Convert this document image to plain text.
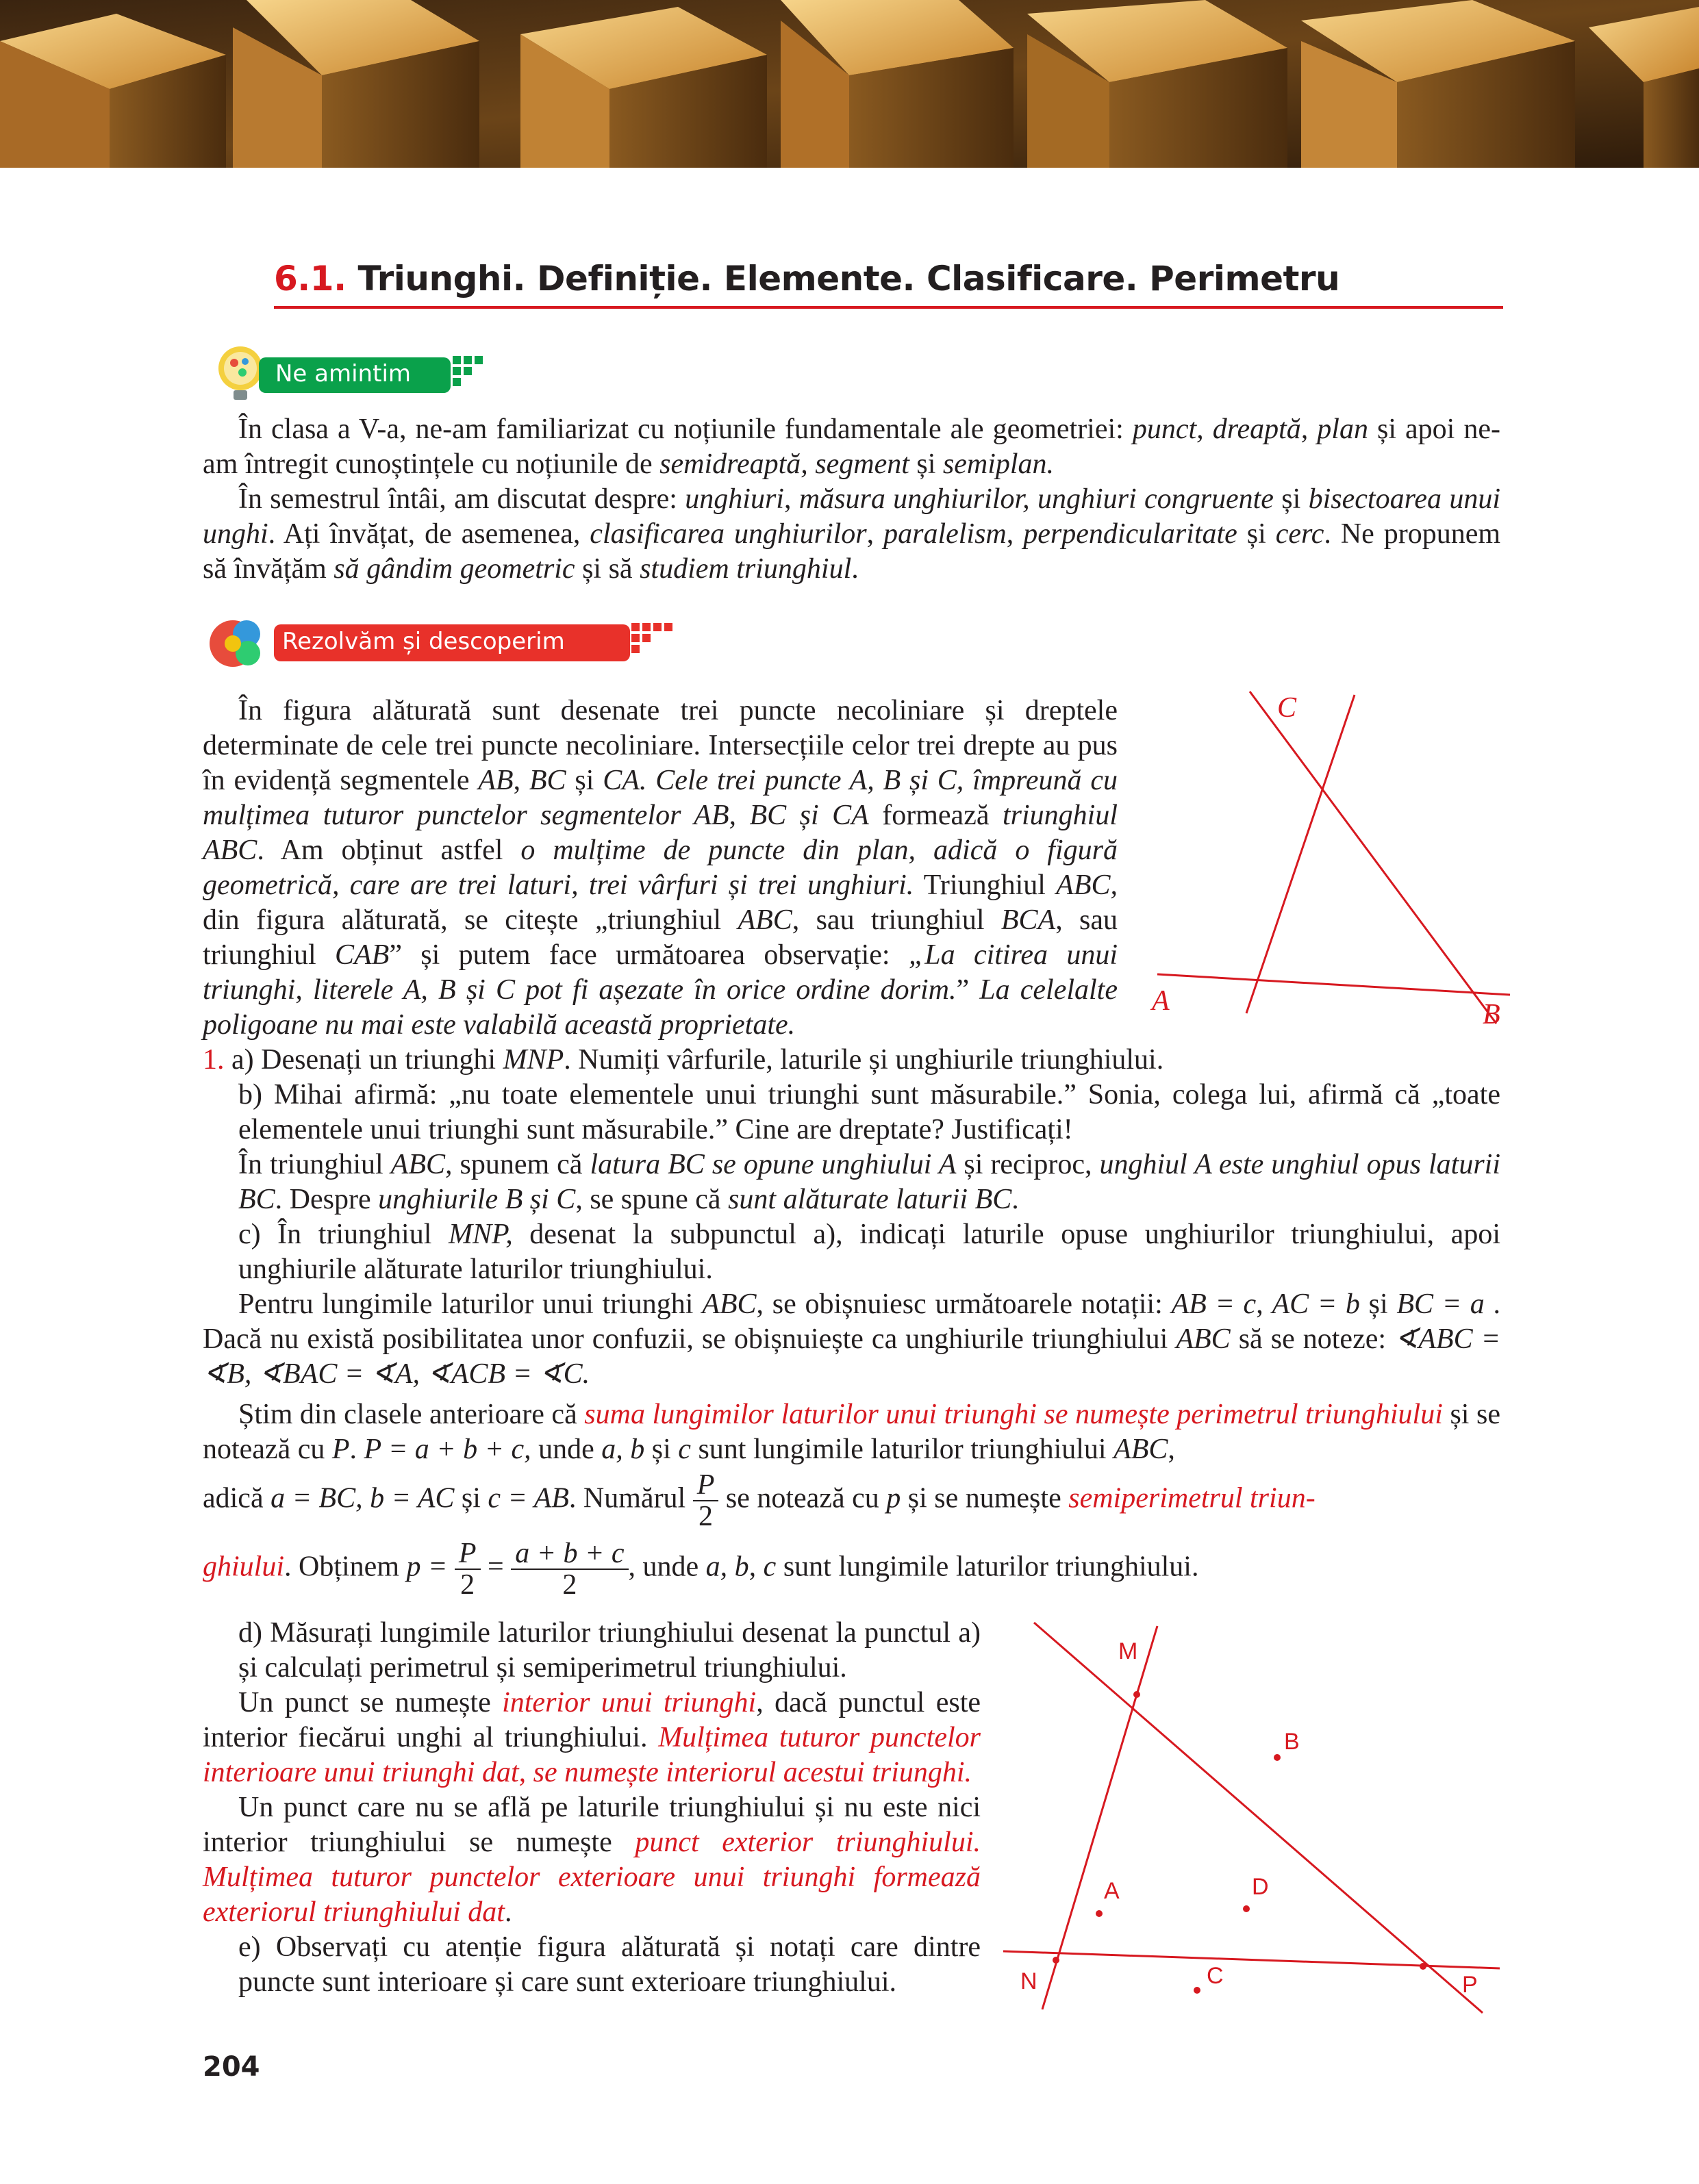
6.1. Triunghi. Definiție. Elemente. Clasificare. Perimetru
Ne amintim

În clasa a V-a, ne-am familiarizat cu noțiunile fundamentale ale geometriei: punct, dreaptă, plan și apoi ne-am întregit cunoștințele cu noțiunile de semidreaptă, segment și semiplan.

În semestrul întâi, am discutat despre: unghiuri, măsura unghiurilor, unghiuri congruente și bisectoarea unui unghi. Ați învățat, de asemenea, clasificarea unghiurilor, paralelism, perpendicularitate și cerc. Ne propunem să învățăm să gândim geometric și să studiem triunghiul.

Rezolvăm și descoperim

În figura alăturată sunt desenate trei puncte necoliniare și dreptele determinate de cele trei puncte necoliniare. Intersecțiile celor trei drepte au pus în evidență segmentele AB, BC și CA. Cele trei puncte A, B și C, împreună cu mulțimea tuturor punctelor segmentelor AB, BC și CA formează triunghiul ABC. Am obținut astfel o mulțime de puncte din plan, adică o figură geometrică, care are trei laturi, trei vârfuri și trei unghiuri. Triunghiul ABC, din figura alăturată, se citește „triunghiul ABC, sau triunghiul BCA, sau triunghiul CAB” și putem face următoarea observație: „La citirea unui triunghi, literele A, B și C pot fi așezate în orice ordine dorim.” La celelalte poligoane nu mai este valabilă această proprietate.

C
A	B

1. a) Desenați un triunghi MNP. Numiți vârfurile, laturile și unghiurile triunghiului.

b) Mihai afirmă: „nu toate elementele unui triunghi sunt măsurabile.” Sonia, colega lui, afirmă că „toate elementele unui triunghi sunt măsurabile.” Cine are dreptate? Justificați!

În triunghiul ABC, spunem că latura BC se opune unghiului A și reciproc, unghiul A este unghiul opus laturii BC. Despre unghiurile B și C, se spune că sunt alăturate laturii BC.

c) În triunghiul MNP, desenat la subpunctul a), indicați laturile opuse unghiurilor triunghiului, apoi unghiurile alăturate laturilor triunghiului.

Pentru lungimile laturilor unui triunghi ABC, se obișnuiesc următoarele notații: AB = c, AC = b și BC = a . Dacă nu există posibilitatea unor confuzii, se obișnuiește ca unghiurile triunghiului ABC să se noteze: ∢ABC = ∢B, ∢BAC = ∢A, ∢ACB = ∢C.

Știm din clasele anterioare că suma lungimilor laturilor unui triunghi se numește perimetrul triunghiului și se notează cu P. P = a + b + c, unde a, b și c sunt lungimile laturilor triunghiului ABC,

adică a = BC, b = AC și c = AB. Numărul $\frac{P}{2}$ se notează cu p și se numește semiperimetrul triun-

ghiului. Obținem $p = \frac{P}{2} = \frac{a + b + c}{2}$ , unde a, b, c sunt lungimile laturilor triunghiului.

d) Măsurați lungimile laturilor triunghiului desenat la punctul a) și calculați perimetrul și semiperimetrul triunghiului.

Un punct se numește interior unui triunghi, dacă punctul este interior fiecărui unghi al triunghiului. Mulțimea tuturor punctelor interioare unui triunghi dat, se numește interiorul acestui triunghi.

Un punct care nu se află pe laturile triunghiului și nu este nici interior triunghiului se numește punct exterior triunghiului. Mulțimea tuturor punctelor exterioare unui triunghi formează exteriorul triunghiului dat.

e) Observați cu atenție figura alăturată și notați care dintre puncte sunt interioare și care sunt exterioare triunghiului.

M
N	P
A
B
C
D
204
